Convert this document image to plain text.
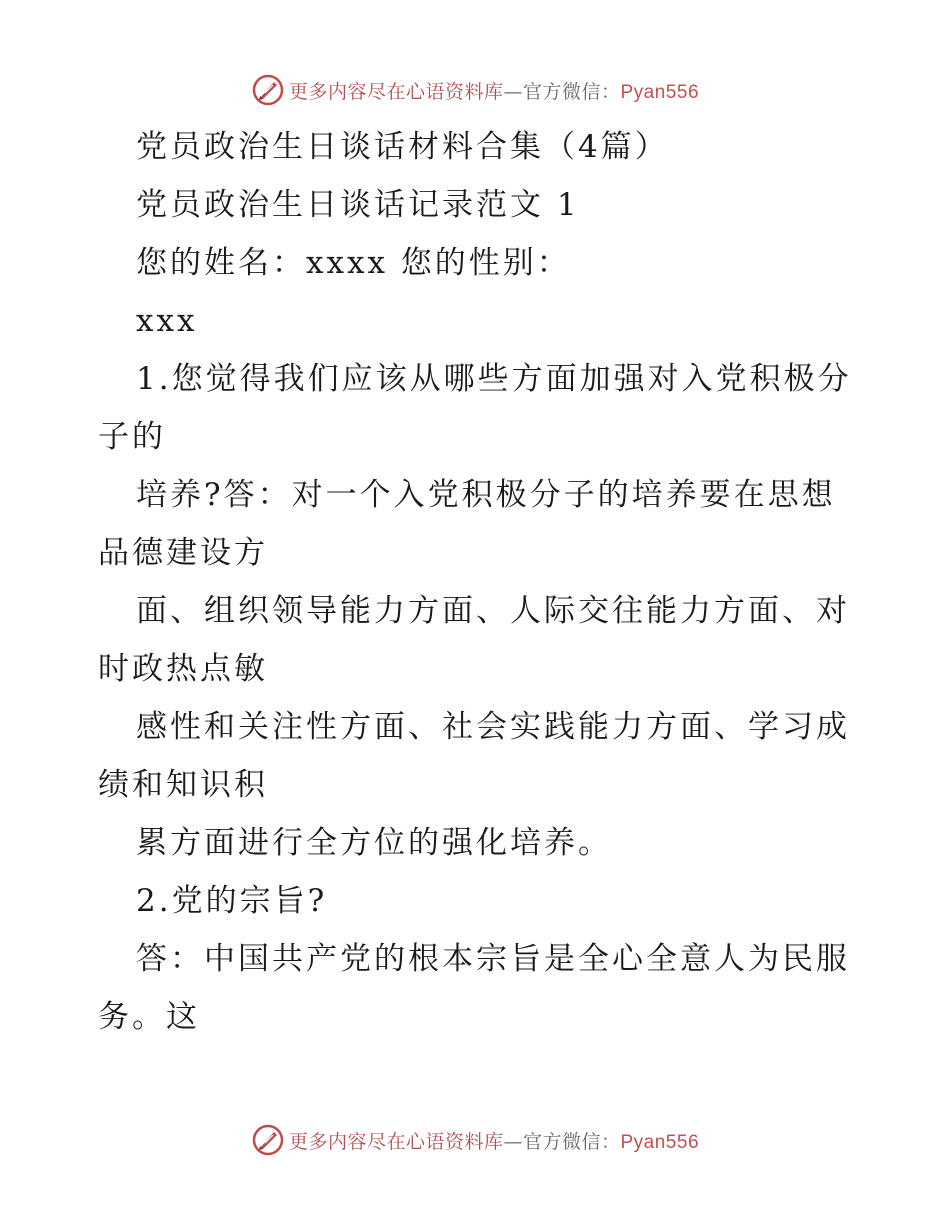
更多内容尽在心语资料库—官方微信：Pyan556
党员政治生日谈话材料合集（4篇）
党员政治生日谈话记录范文 1
您的姓名：xxxx 您的性别：
xxx
1.您觉得我们应该从哪些方面加强对入党积极分
子的
培养?答：对一个入党积极分子的培养要在思想
品德建设方
面、组织领导能力方面、人际交往能力方面、对
时政热点敏
感性和关注性方面、社会实践能力方面、学习成
绩和知识积
累方面进行全方位的强化培养。
2.党的宗旨?
答：中国共产党的根本宗旨是全心全意人为民服
务。这
更多内容尽在心语资料库—官方微信：Pyan556
